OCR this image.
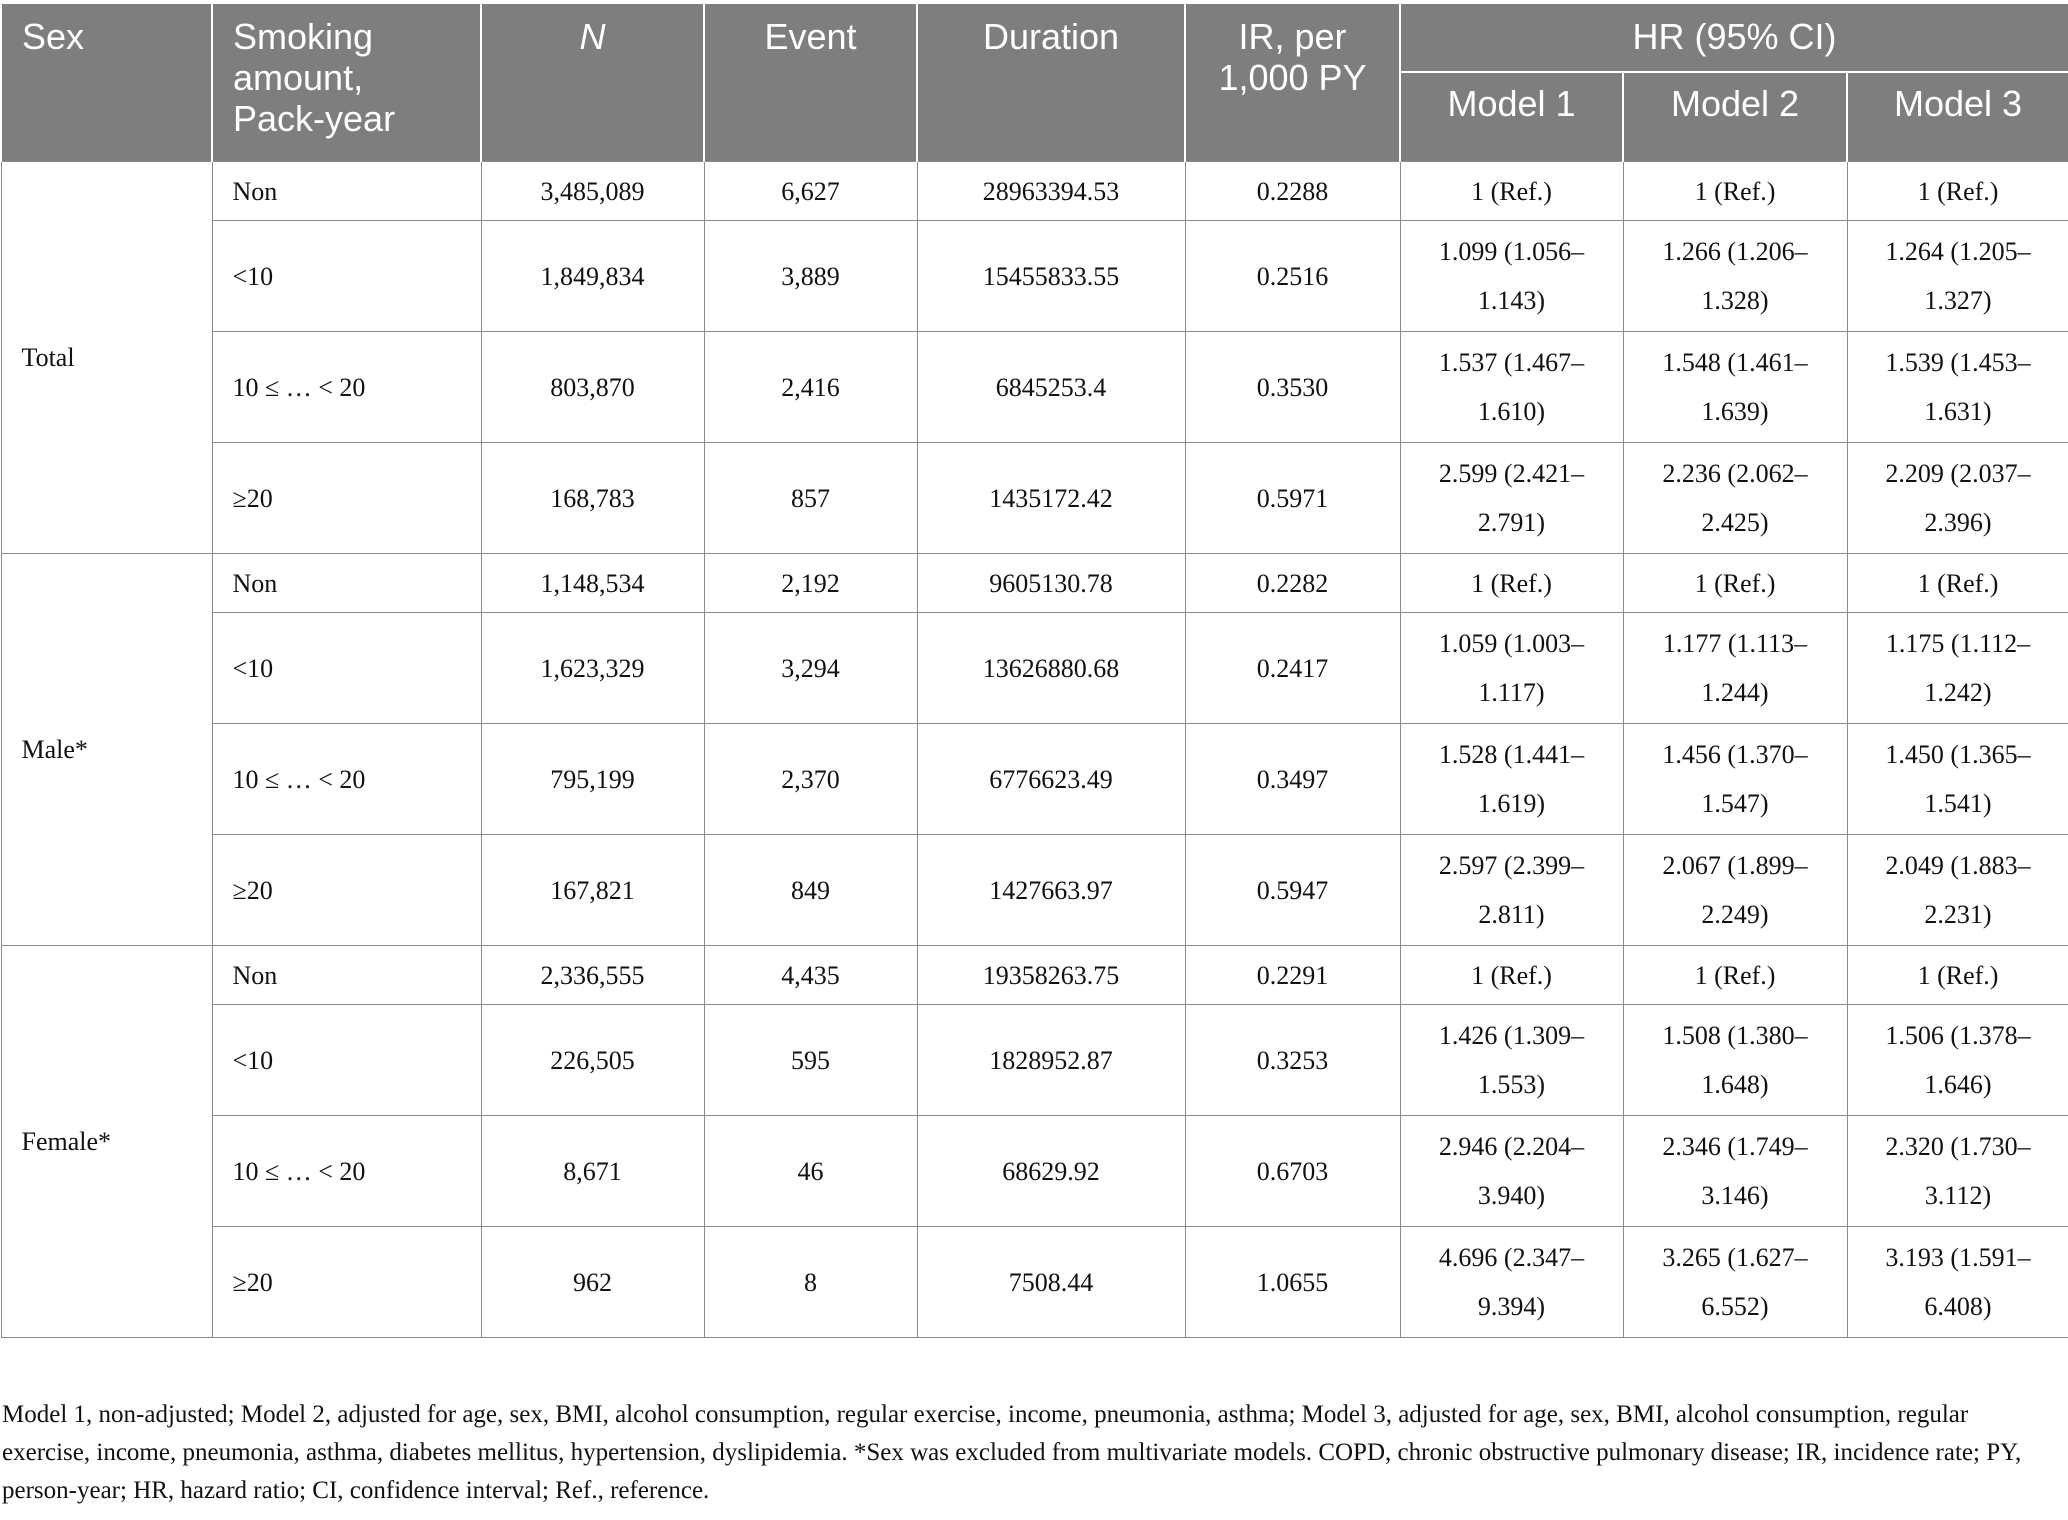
Sex	Smoking amount, Pack-year	N	Event	Duration	IR, per 1,000 PY	HR (95% CI)		
						Model 1	Model 2	Model 3
Total	Non	3,485,089	6,627	28963394.53	0.2288	1 (Ref.)	1 (Ref.)	1 (Ref.)
	<10	1,849,834	3,889	15455833.55	0.2516	1.099 (1.056–1.143)	1.266 (1.206–1.328)	1.264 (1.205–1.327)
	10 ≤ … < 20	803,870	2,416	6845253.4	0.3530	1.537 (1.467–1.610)	1.548 (1.461–1.639)	1.539 (1.453–1.631)
	≥20	168,783	857	1435172.42	0.5971	2.599 (2.421–2.791)	2.236 (2.062–2.425)	2.209 (2.037–2.396)
Male*	Non	1,148,534	2,192	9605130.78	0.2282	1 (Ref.)	1 (Ref.)	1 (Ref.)
	<10	1,623,329	3,294	13626880.68	0.2417	1.059 (1.003–1.117)	1.177 (1.113–1.244)	1.175 (1.112–1.242)
	10 ≤ … < 20	795,199	2,370	6776623.49	0.3497	1.528 (1.441–1.619)	1.456 (1.370–1.547)	1.450 (1.365–1.541)
	≥20	167,821	849	1427663.97	0.5947	2.597 (2.399–2.811)	2.067 (1.899–2.249)	2.049 (1.883–2.231)
Female*	Non	2,336,555	4,435	19358263.75	0.2291	1 (Ref.)	1 (Ref.)	1 (Ref.)
	<10	226,505	595	1828952.87	0.3253	1.426 (1.309–1.553)	1.508 (1.380–1.648)	1.506 (1.378–1.646)
	10 ≤ … < 20	8,671	46	68629.92	0.6703	2.946 (2.204–3.940)	2.346 (1.749–3.146)	2.320 (1.730–3.112)
	≥20	962	8	7508.44	1.0655	4.696 (2.347–9.394)	3.265 (1.627–6.552)	3.193 (1.591–6.408)
Model 1, non-adjusted; Model 2, adjusted for age, sex, BMI, alcohol consumption, regular exercise, income, pneumonia, asthma; Model 3, adjusted for age, sex, BMI, alcohol consumption, regular exercise, income, pneumonia, asthma, diabetes mellitus, hypertension, dyslipidemia. *Sex was excluded from multivariate models. COPD, chronic obstructive pulmonary disease; IR, incidence rate; PY, person-year; HR, hazard ratio; CI, confidence interval; Ref., reference.
